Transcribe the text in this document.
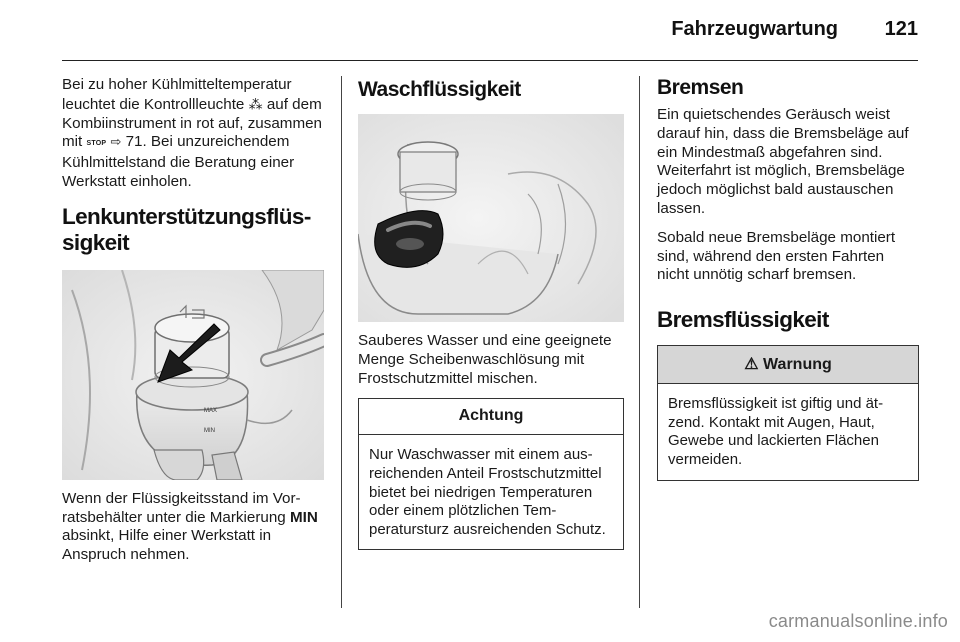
Fahrzeugwartung 121

Bei zu hoher Kühlmitteltemperatur leuchtet die Kontrollleuchte ⁂ auf dem Kombiinstrument in rot auf, zusammen mit STOP ⇨ 71. Bei unzureichendem Kühlmittelstand die Beratung einer Werkstatt einholen.

Lenkunterstützungsflüssigkeit
MAX
MIN

Wenn der Flüssigkeitsstand im Vorratsbehälter unter die Markierung MIN absinkt, Hilfe einer Werkstatt in Anspruch nehmen.

Waschflüssigkeit

Sauberes Wasser und eine geeignete Menge Scheibenwaschlösung mit Frostschutzmittel mischen.

Achtung
Nur Waschwasser mit einem ausreichenden Anteil Frostschutzmittel bietet bei niedrigen Temperaturen oder einem plötzlichen Temperatursturz ausreichenden Schutz.
Bremsen

Ein quietschendes Geräusch weist darauf hin, dass die Bremsbeläge auf ein Mindestmaß abgefahren sind. Weiterfahrt ist möglich, Bremsbeläge jedoch möglichst bald austauschen lassen.

Sobald neue Bremsbeläge montiert sind, während den ersten Fahrten nicht unnötig scharf bremsen.

Bremsflüssigkeit
⚠ Warnung
Bremsflüssigkeit ist giftig und ätzend. Kontakt mit Augen, Haut, Gewebe und lackierten Flächen vermeiden.
carmanualsonline.info
